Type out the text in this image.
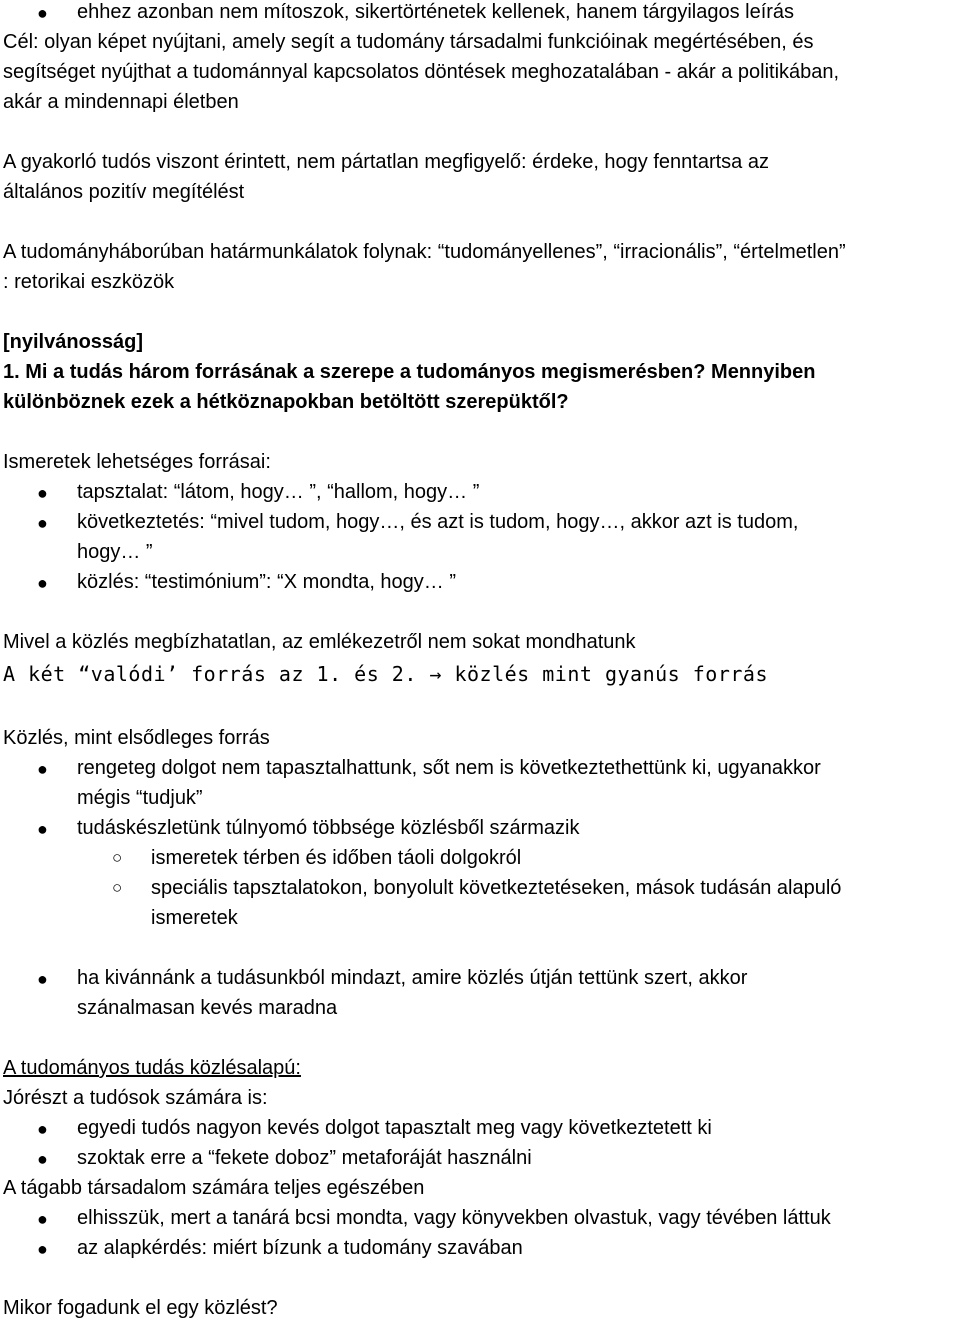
● ehhez azonban nem mítoszok, sikertörténetek kellenek, hanem tárgyilagos leírás
Cél: olyan képet nyújtani, amely segít a tudomány társadalmi funkcióinak megértésében, és
segítséget nyújthat a tudománnyal kapcsolatos döntések meghozatalában - akár a politikában,
akár a mindennapi életben
A gyakorló tudós viszont érintett, nem pártatlan megfigyelő: érdeke, hogy fenntartsa az
általános pozitív megítélést
A tudományháborúban határmunkálatok folynak: “tudományellenes”, “irracionális”, “értelmetlen”
: retorikai eszközök
[nyilvánosság]
1. Mi a tudás három forrásának a szerepe a tudományos megismerésben? Mennyiben
különböznek ezek a hétköznapokban betöltött szerepüktől?
Ismeretek lehetséges forrásai:
● tapsztalat: “látom, hogy… ”, “hallom, hogy… ”
● következtetés: “mivel tudom, hogy…, és azt is tudom, hogy…, akkor azt is tudom,
hogy… ”
● közlés: “testimónium”: “X mondta, hogy… ”
Mivel a közlés megbízhatatlan, az emlékezetről nem sokat mondhatunk
A két “valódi’ forrás az 1. és 2. → közlés mint gyanús forrás
Közlés, mint elsődleges forrás
● rengeteg dolgot nem tapasztalhattunk, sőt nem is következtethettünk ki, ugyanakkor
mégis “tudjuk”
● tudáskészletünk túlnyomó többsége közlésből származik
○ ismeretek térben és időben táoli dolgokról
○ speciális tapsztalatokon, bonyolult következtetéseken, mások tudásán alapuló
ismeretek
● ha kivánnánk a tudásunkból mindazt, amire közlés útján tettünk szert, akkor
szánalmasan kevés maradna
A tudományos tudás közlésalapú:
Jórészt a tudósok számára is:
● egyedi tudós nagyon kevés dolgot tapasztalt meg vagy következtetett ki
● szoktak erre a “fekete doboz” metaforáját használni
A tágabb társadalom számára teljes egészében
● elhisszük, mert a tanárá bcsi mondta, vagy könyvekben olvastuk, vagy tévében láttuk
● az alapkérdés: miért bízunk a tudomány szavában
Mikor fogadunk el egy közlést?
